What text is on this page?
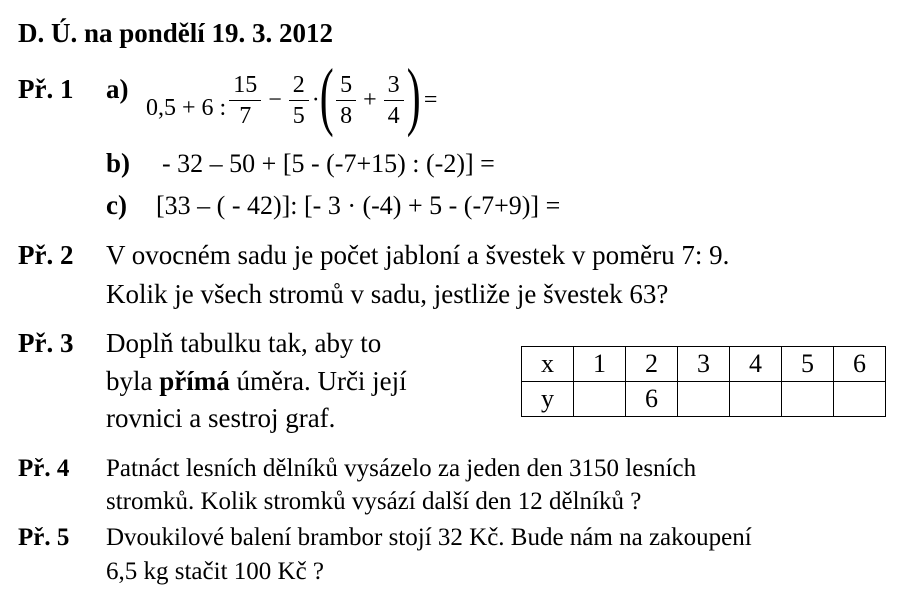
D. Ú. na pondělí 19. 3. 2012
Př. 1 a)
0,5 + 6 : $\frac{15}{7} - \frac{2}{5}$ · ( $\frac{5}{8} + \frac{3}{4}$ ) =
b) - 32 – 50 + [5 - (-7+15) : (-2)] =
c) [33 – ( - 42)]: [- 3 · (-4) + 5 - (-7+9)] =
Př. 2 V ovocném sadu je počet jabloní a švestek v poměru 7: 9.
Kolik je všech stromů v sadu, jestliže je švestek 63?
Př. 3 Doplň tabulku tak, aby to
byla přímá úměra. Urči její
rovnici a sestroj graf.
x	1	2	3	4	5	6
y		6				
Př. 4 Patnáct lesních dělníků vysázelo za jeden den 3150 lesních
stromků. Kolik stromků vysází další den 12 dělníků ?
Př. 5 Dvoukilové balení brambor stojí 32 Kč. Bude nám na zakoupení
6,5 kg stačit 100 Kč ?
